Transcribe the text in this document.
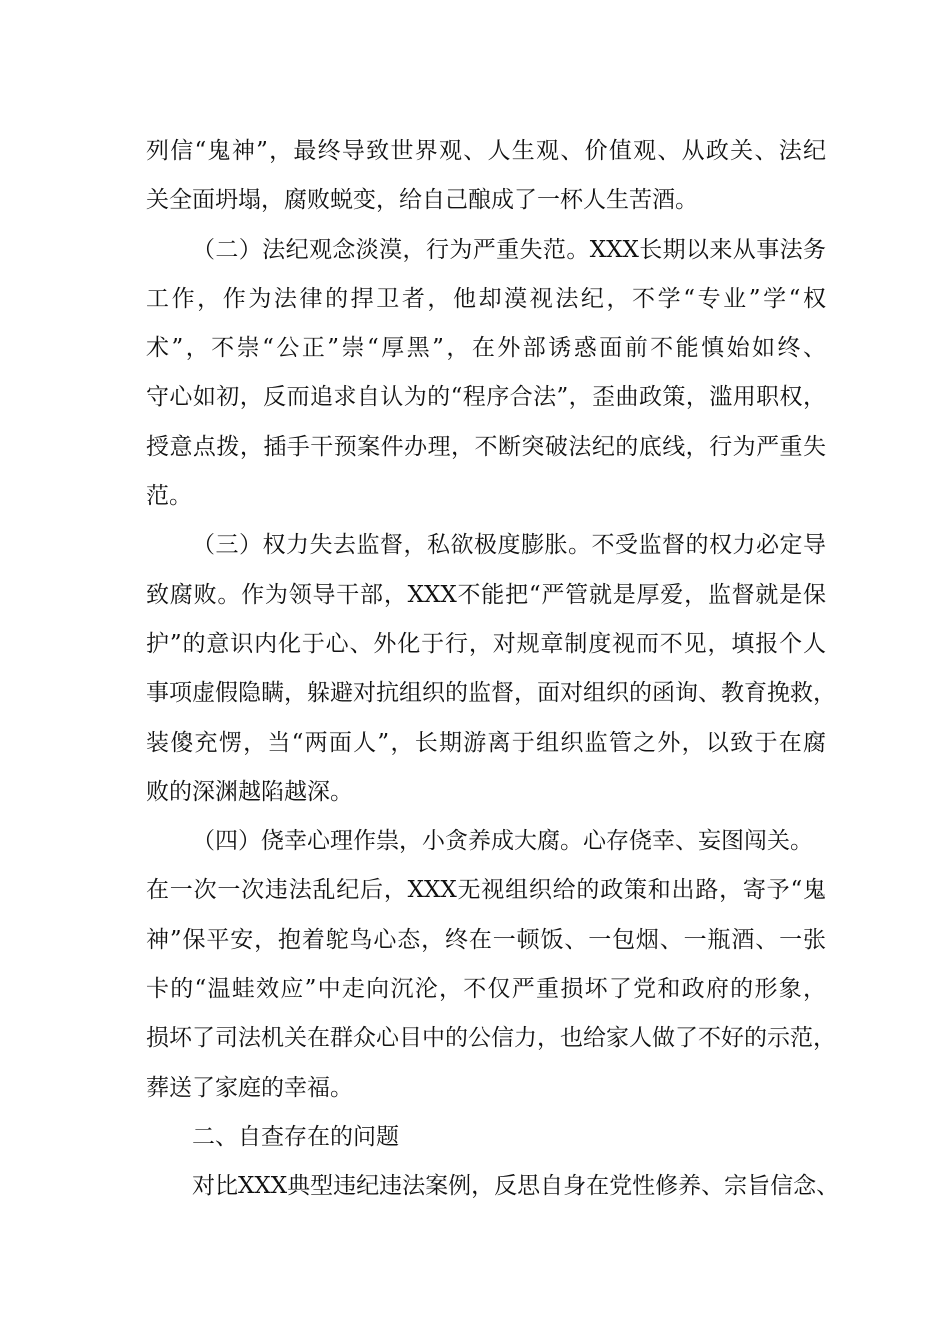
列信“鬼神”，最终导致世界观、人生观、价值观、从政关、法纪
关全面坍塌，腐败蜕变，给自己酿成了一杯人生苦酒。
（二）法纪观念淡漠，行为严重失范。XXX长期以来从事法务
工作，作为法律的捍卫者，他却漠视法纪，不学“专业”学“权
术”，不崇“公正”崇“厚黑”，在外部诱惑面前不能慎始如终、
守心如初，反而追求自认为的“程序合法”，歪曲政策，滥用职权，
授意点拨，插手干预案件办理，不断突破法纪的底线，行为严重失
范。
（三）权力失去监督，私欲极度膨胀。不受监督的权力必定导
致腐败。作为领导干部，XXX不能把“严管就是厚爱，监督就是保
护”的意识内化于心、外化于行，对规章制度视而不见，填报个人
事项虚假隐瞒，躲避对抗组织的监督，面对组织的函询、教育挽救，
装傻充愣，当“两面人”，长期游离于组织监管之外，以致于在腐
败的深渊越陷越深。
（四）侥幸心理作祟，小贪养成大腐。心存侥幸、妄图闯关。
在一次一次违法乱纪后，XXX无视组织给的政策和出路，寄予“鬼
神”保平安，抱着鸵鸟心态，终在一顿饭、一包烟、一瓶酒、一张
卡的“温蛙效应”中走向沉沦，不仅严重损坏了党和政府的形象，
损坏了司法机关在群众心目中的公信力，也给家人做了不好的示范，
葬送了家庭的幸福。
二、自查存在的问题
对比XXX典型违纪违法案例，反思自身在党性修养、宗旨信念、
